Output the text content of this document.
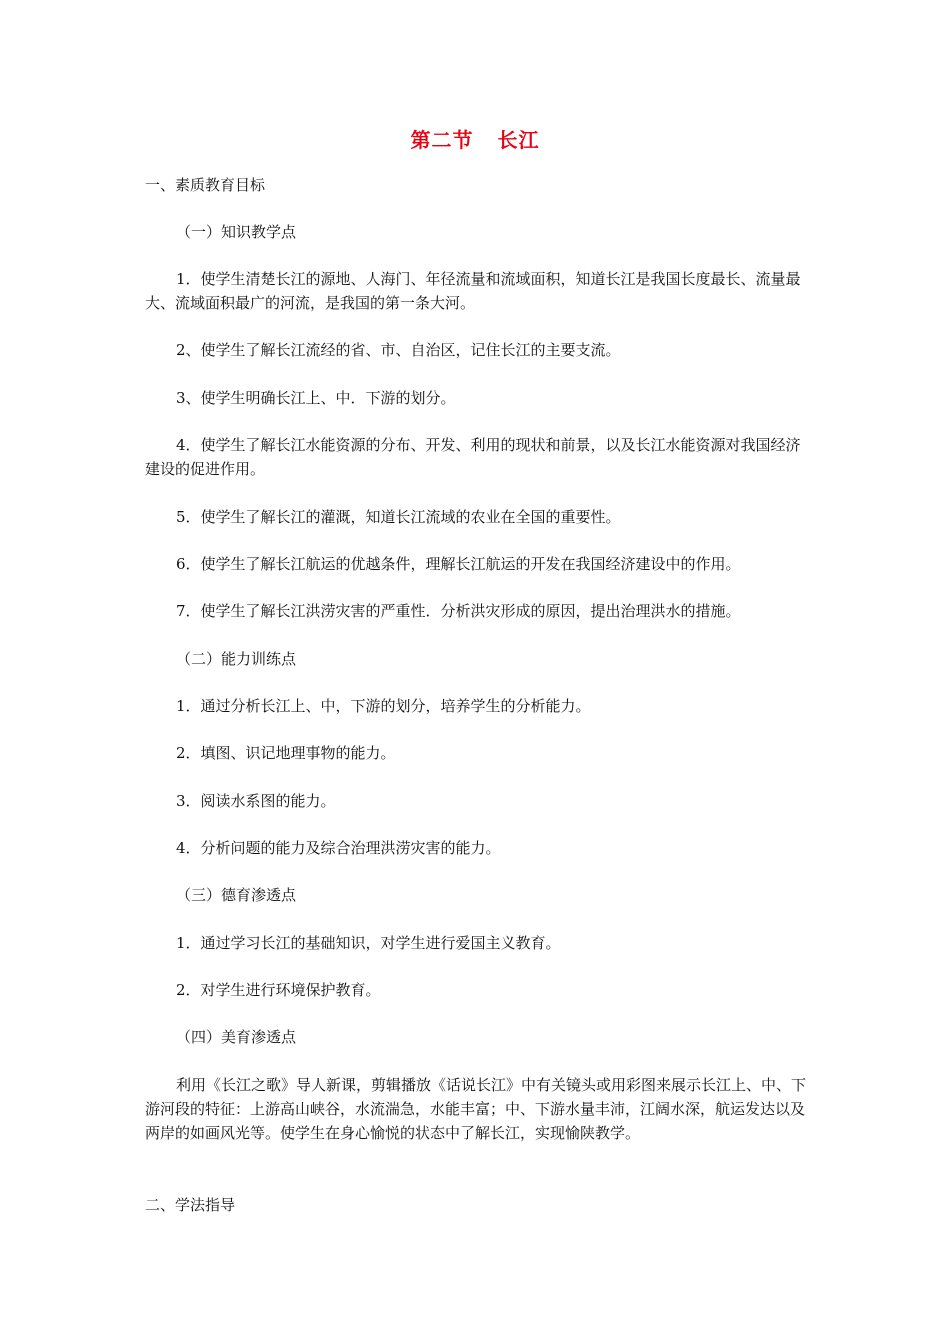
第二节 长江
一、素质教育目标
（一）知识教学点
1．使学生清楚长江的源地、人海门、年径流量和流域面积，知道长江是我国长度最长、流量最大、流域面积最广的河流，是我国的第一条大河。
2、使学生了解长江流经的省、市、自治区，记住长江的主要支流。
3、使学生明确长江上、中．下游的划分。
4．使学生了解长江水能资源的分布、开发、利用的现状和前景，以及长江水能资源对我国经济建设的促进作用。
5．使学生了解长江的灌溉，知道长江流域的农业在全国的重要性。
6．使学生了解长江航运的优越条件，理解长江航运的开发在我国经济建设中的作用。
7．使学生了解长江洪涝灾害的严重性．分析洪灾形成的原因，提出治理洪水的措施。
（二）能力训练点
1．通过分析长江上、中，下游的划分，培养学生的分析能力。
2．填图、识记地理事物的能力。
3．阅读水系图的能力。
4．分析问题的能力及综合治理洪涝灾害的能力。
（三）德育渗透点
1．通过学习长江的基础知识，对学生进行爱国主义教育。
2．对学生进行环境保护教育。
（四）美育渗透点
利用《长江之歌》导人新课，剪辑播放《话说长江》中有关镜头或用彩图来展示长江上、中、下游河段的特征：上游高山峡谷，水流湍急，水能丰富；中、下游水量丰沛，江阔水深，航运发达以及两岸的如画风光等。使学生在身心愉悦的状态中了解长江，实现愉陕教学。
二、学法指导
